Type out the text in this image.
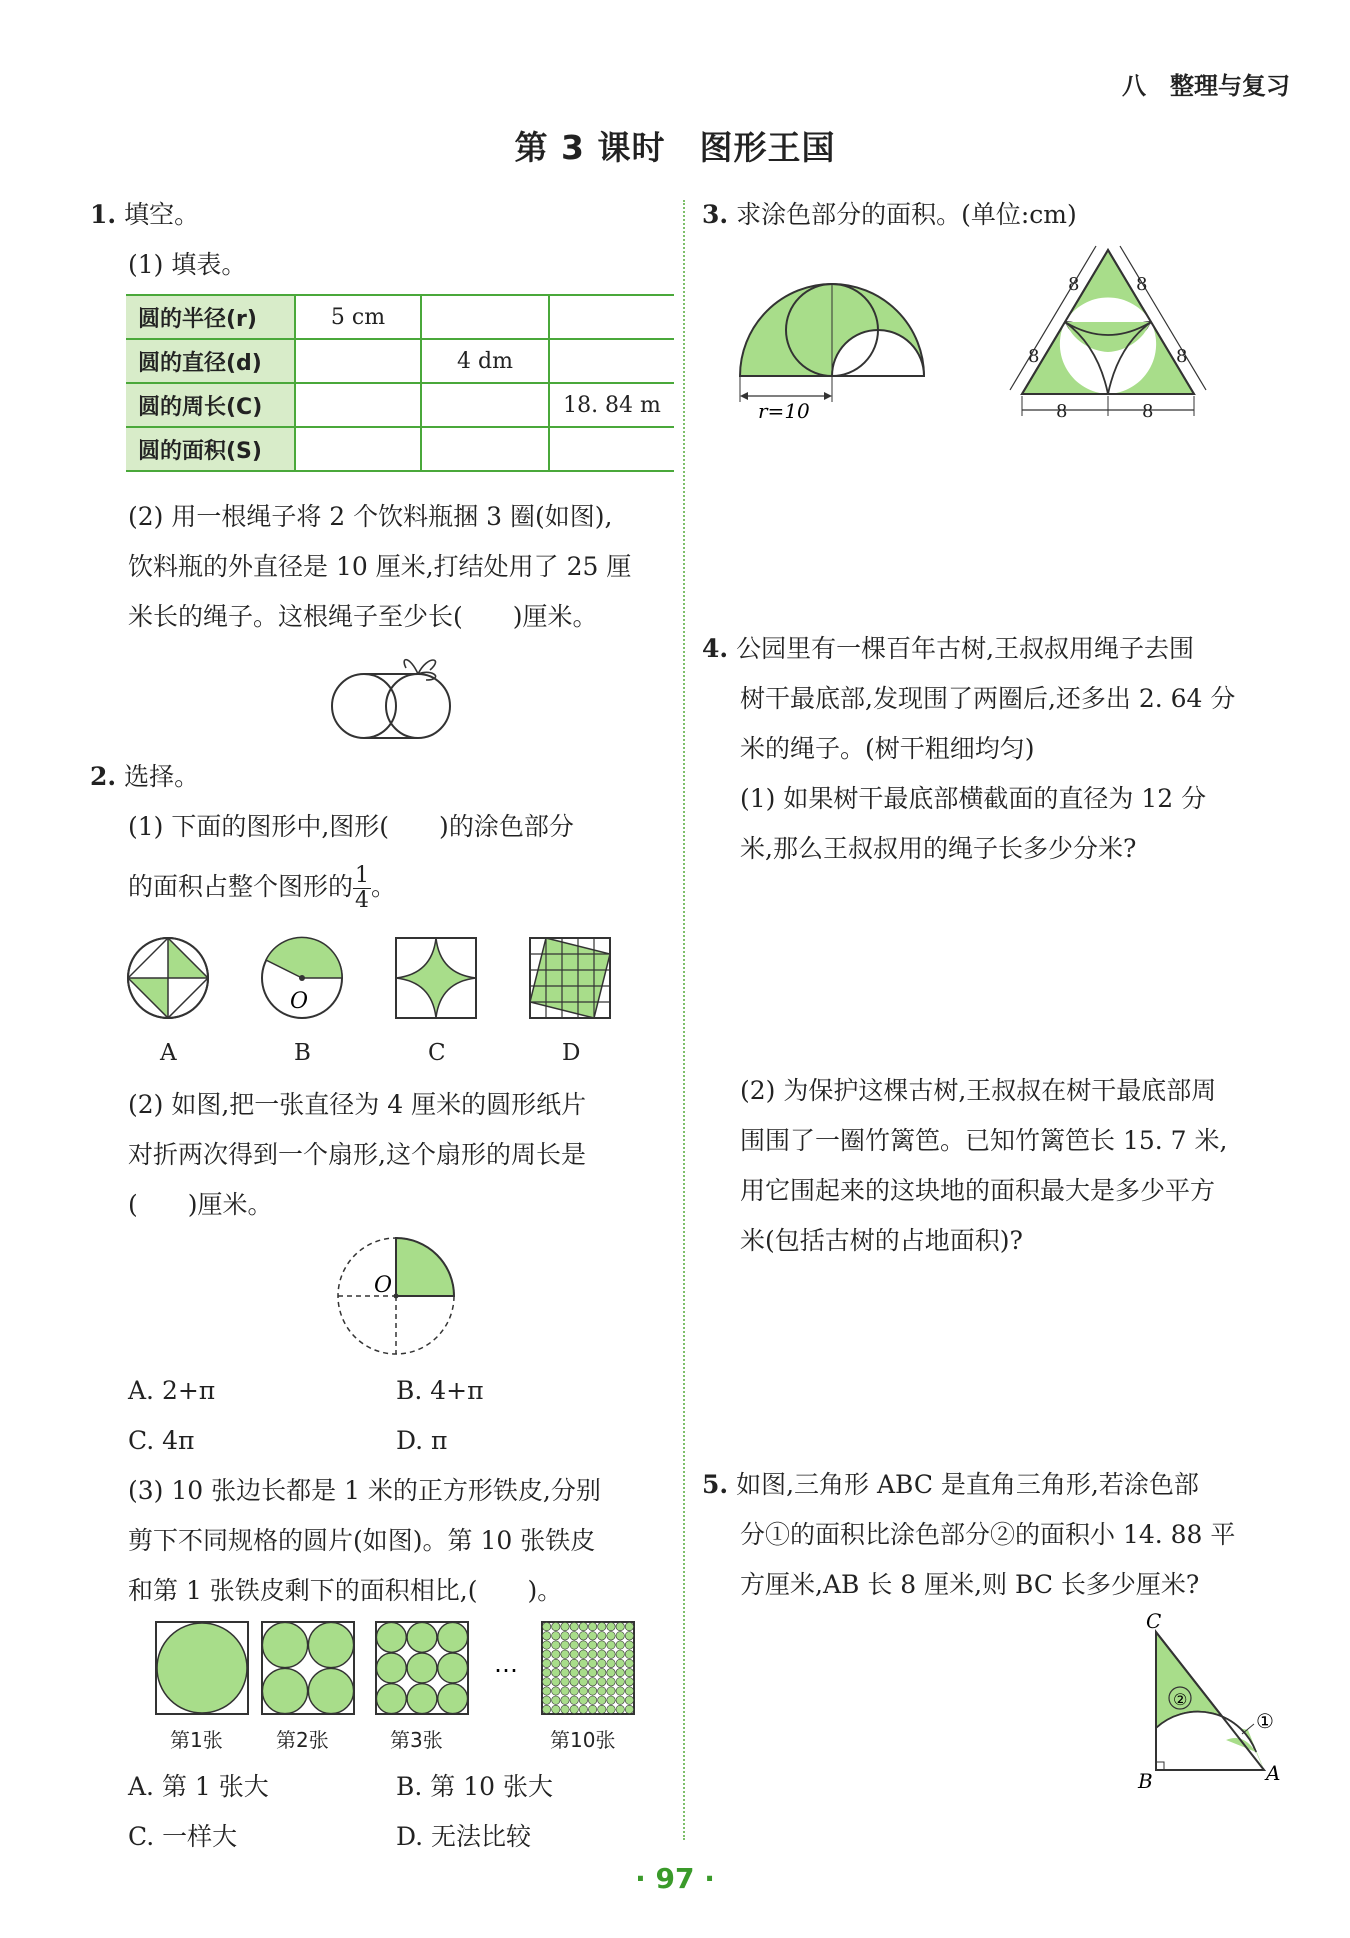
八　整理与复习
第 3 课时　图形王国
1. 填空。
(1) 填表。
圆的半径(r)	5 cm		
圆的直径(d)		4 dm	
圆的周长(C)			18. 84 m
圆的面积(S)			
(2) 用一根绳子将 2 个饮料瓶捆 3 圈(如图),
饮料瓶的外直径是 10 厘米,打结处用了 25 厘
米长的绳子。这根绳子至少长(　　)厘米。
2. 选择。
(1) 下面的图形中,图形(　　)的涂色部分
的面积占整个图形的 $\frac{1}{4}$ 。
O
A	B	C	D
(2) 如图,把一张直径为 4 厘米的圆形纸片
对折两次得到一个扇形,这个扇形的周长是
(　　)厘米。
O
A. 2+π	B. 4+π
C. 4π	D. π
(3) 10 张边长都是 1 米的正方形铁皮,分别
剪下不同规格的圆片(如图)。第 10 张铁皮
和第 1 张铁皮剩下的面积相比,(　　)。
…
第1张	第2张	第3张	第10张
A. 第 1 张大	B. 第 10 张大
C. 一样大	D. 无法比较
3. 求涂色部分的面积。(单位:cm)
r=10	8	8
8
8
8
8
4. 公园里有一棵百年古树,王叔叔用绳子去围
树干最底部,发现围了两圈后,还多出 2. 64 分
米的绳子。(树干粗细均匀)
(1) 如果树干最底部横截面的直径为 12 分
米,那么王叔叔用的绳子长多少分米?
(2) 为保护这棵古树,王叔叔在树干最底部周
围围了一圈竹篱笆。已知竹篱笆长 15. 7 米,
用它围起来的这块地的面积最大是多少平方
米(包括古树的占地面积)?
5. 如图,三角形 ABC 是直角三角形,若涂色部
分①的面积比涂色部分②的面积小 14. 88 平
方厘米,AB 长 8 厘米,则 BC 长多少厘米?
②
①
C
B	A
· 97 ·
